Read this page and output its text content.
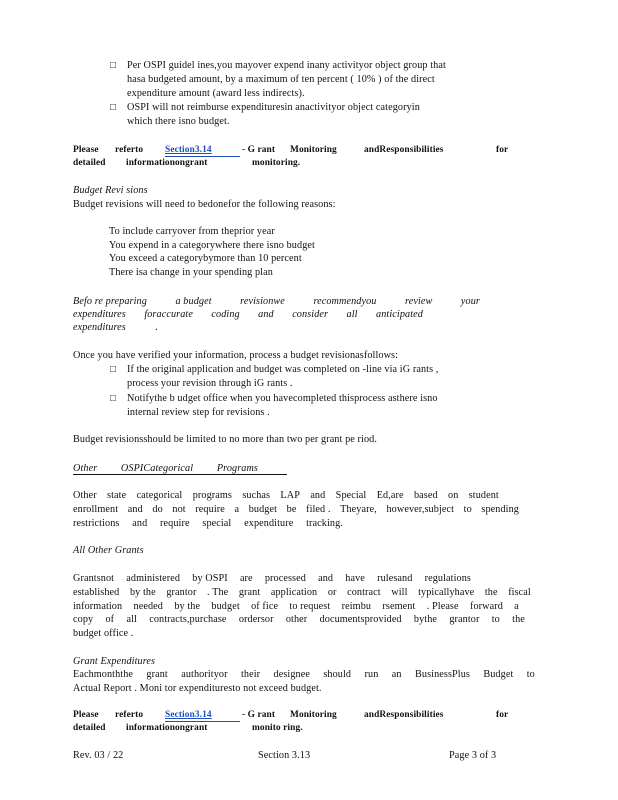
□ Per OSPI guidel ines,you mayover expend inany activityor object group that
hasa budgeted amount, by a maximum of ten percent ( 10% ) of the direct
expenditure amount (award less indirects).
□ OSPI will not reimburse expendituresin anactivityor object categoryin
which there isno budget.
Please referto Section3.14	- G rant Monitoring	andResponsibilities	for
detailed informationongrant	monitoring.
Budget Revi sions
Budget revisions will need to bedonefor the following reasons:
To include carryover from theprior year
You expend in a categorywhere there isno budget
You exceed a categorybymore than 10 percent
There isa change in your spending plan
Befo re preparing	a budget	revisionwe	recommendyou	review	your
expenditures foraccurate coding and consider all anticipated
expenditures	.
Once you have verified your information, process a budget revisionasfollows:
□ If the original application and budget was completed on -line via iG rants ,
process your revision through iG rants .
□ Notifythe b udget office when you havecompleted thisprocess asthere isno
internal review step for revisions .
Budget revisionsshould be limited to no more than two per grant pe riod.
Other OSPICategorical Programs
Other state categorical programs suchas LAP and Special Ed,are based on student
enrollment and do not require a budget be filed . Theyare, however,subject to spending
restrictions and require special expenditure tracking.
All Other Grants
Grantsnot administered by OSPI are processed and have rulesand regulations
established by the grantor . The grant application or contract will typicallyhave the fiscal
information needed by the budget of fice to request reimbu rsement . Please forward a
copy of all contracts,purchase ordersor other documentsprovided bythe grantor to the
budget office .
Grant Expenditures
Eachmonththe grant authorityor their designee should run an BusinessPlus Budget to
Actual Report . Moni tor expendituresto not exceed budget.
Please referto Section3.14	- G rant Monitoring	andResponsibilities	for
detailed informationongrant	monito ring.
Rev. 03 / 22	Section 3.13	Page 3 of 3
